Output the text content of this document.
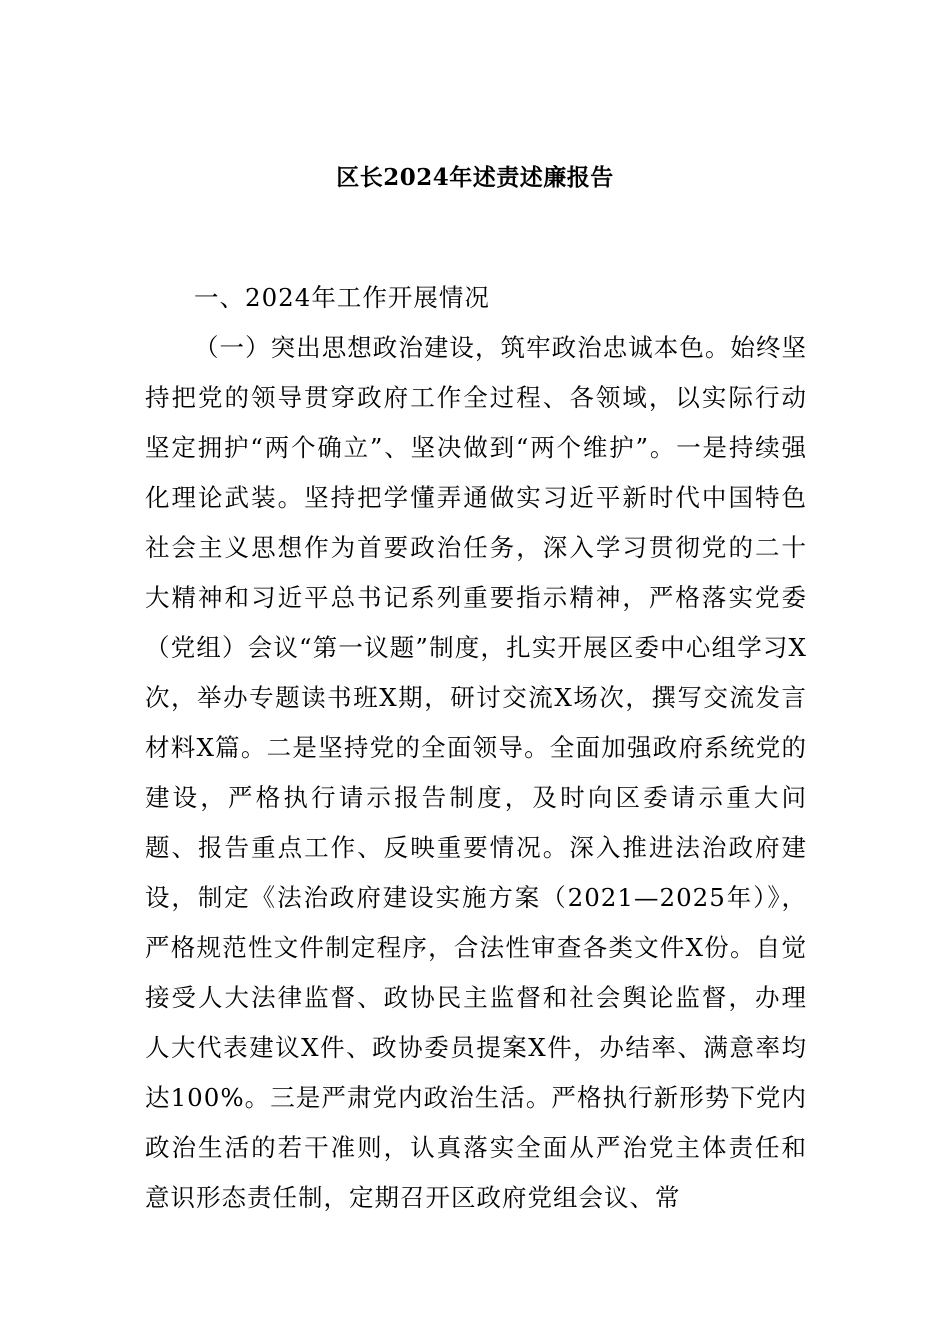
区长2024年述责述廉报告

一、2024年工作开展情况

（一）突出思想政治建设，筑牢政治忠诚本色。始终坚持把党的领导贯穿政府工作全过程、各领域，以实际行动坚定拥护“两个确立”、坚决做到“两个维护”。一是持续强化理论武装。坚持把学懂弄通做实习近平新时代中国特色社会主义思想作为首要政治任务，深入学习贯彻党的二十大精神和习近平总书记系列重要指示精神，严格落实党委（党组）会议“第一议题”制度，扎实开展区委中心组学习X次，举办专题读书班X期，研讨交流X场次，撰写交流发言材料X篇。二是坚持党的全面领导。全面加强政府系统党的建设，严格执行请示报告制度，及时向区委请示重大问题、报告重点工作、反映重要情况。深入推进法治政府建设，制定《法治政府建设实施方案（2021—2025年）》，严格规范性文件制定程序，合法性审查各类文件X份。自觉接受人大法律监督、政协民主监督和社会舆论监督，办理人大代表建议X件、政协委员提案X件，办结率、满意率均达100%。三是严肃党内政治生活。严格执行新形势下党内政治生活的若干准则，认真落实全面从严治党主体责任和意识形态责任制，定期召开区政府党组会议、常
